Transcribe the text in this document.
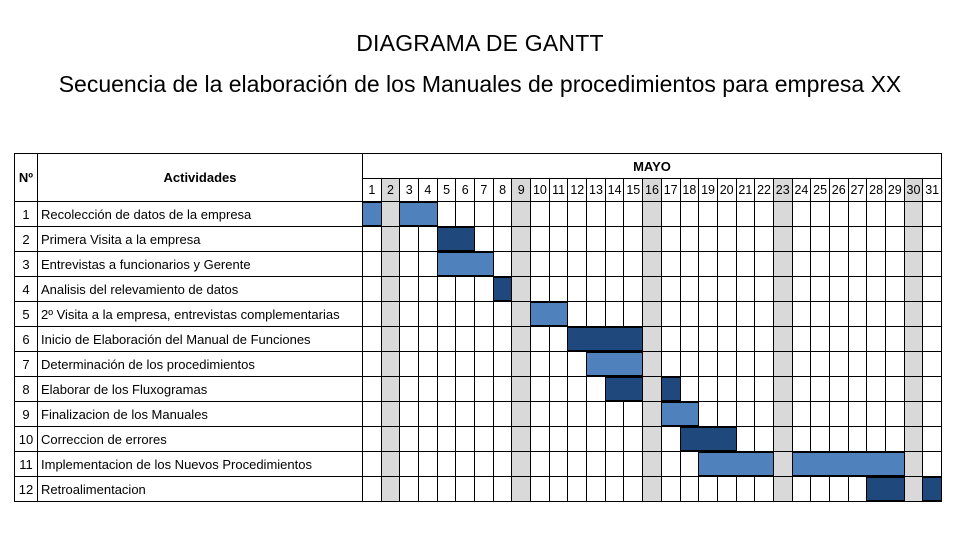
DIAGRAMA DE GANTT
Secuencia de la elaboración de los Manuales de procedimientos para empresa XX
Nº	Actividades
MAYO
1 2 3 4 5 6 7 8 9 10 11 12 13 14 15 16 17 18 19 20 21 22 23 24 25 26 27 28 29 30 31
1 Recolección de datos de la empresa
2 Primera Visita a la empresa
3 Entrevistas a funcionarios y Gerente
4 Analisis del relevamiento de datos
5 2º Visita a la empresa, entrevistas complementarias
6 Inicio de Elaboración del Manual de Funciones
7 Determinación de los procedimientos
8 Elaborar de los Fluxogramas
9 Finalizacion de los Manuales
10 Correccion de errores
11 Implementacion de los Nuevos Procedimientos
12 Retroalimentacion
